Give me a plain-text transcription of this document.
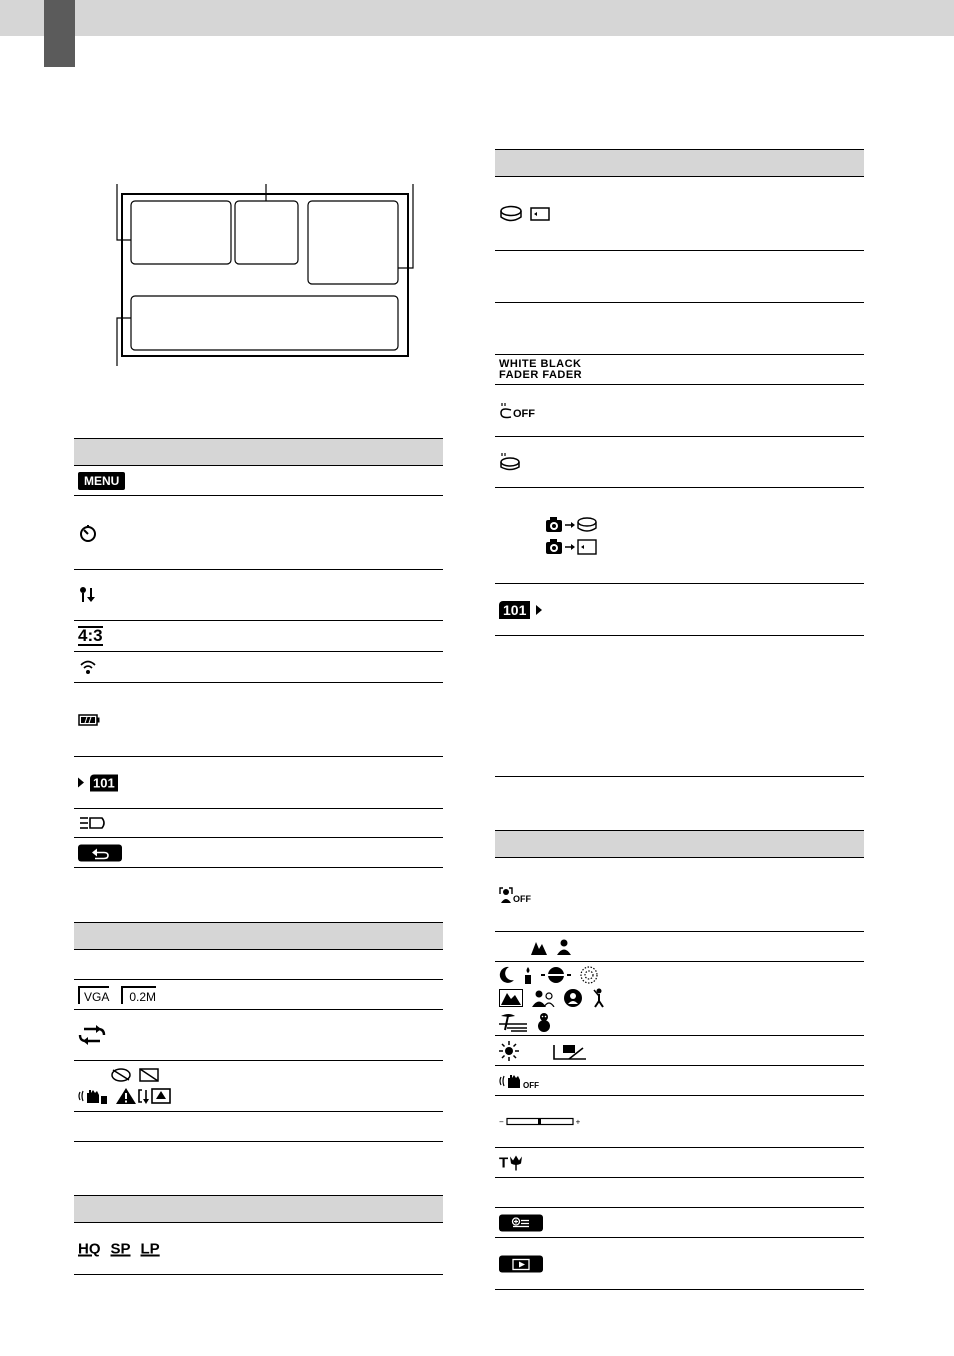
MENU
4:3
101
VGA	0.2M
HQ SP LP
WHITE BLACK
FADER FADER
OFF
101
OFF
OFF
−	+
T
